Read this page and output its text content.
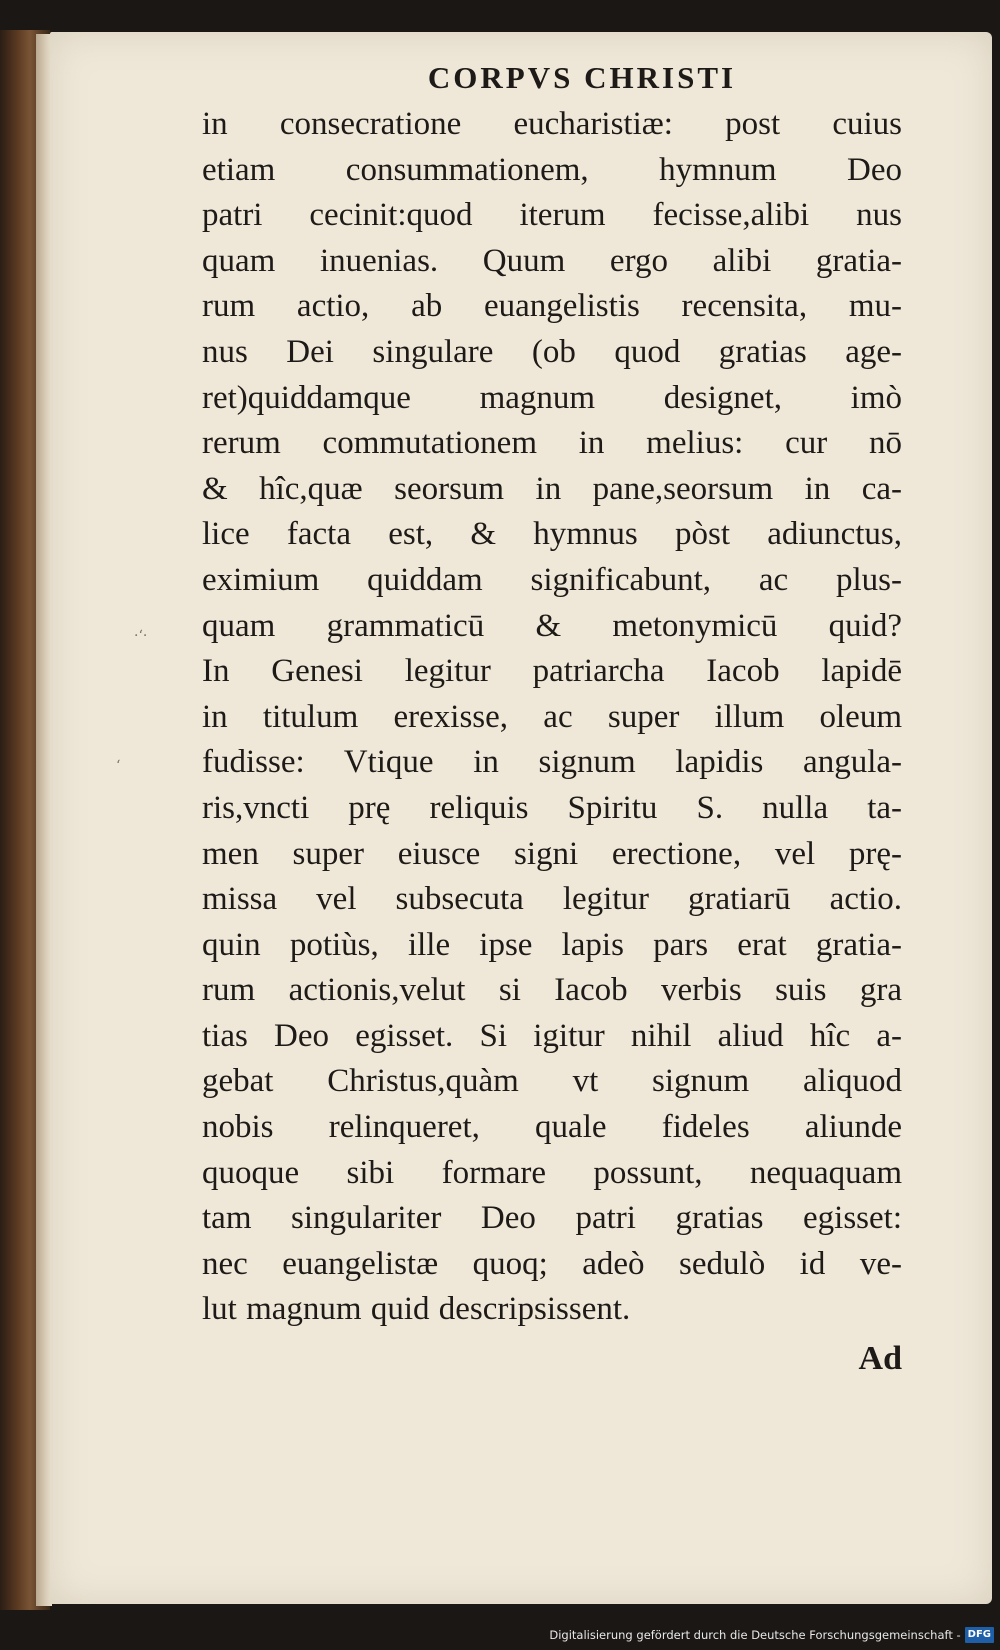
·‘·
‘
CORPVS CHRISTI
in consecratione eucharistiæ: post cuius
etiam consummationem, hymnum Deo
patri cecinit:quod iterum fecisse,alibi nus
quam inuenias. Quum ergo alibi gratia-
rum actio, ab euangelistis recensita, mu-
nus Dei singulare (ob quod gratias age-
ret)quiddamque magnum designet, imò
rerum commutationem in melius: cur nō
& hîc,quæ seorsum in pane,seorsum in ca-
lice facta est, & hymnus pòst adiunctus,
eximium quiddam significabunt, ac plus-
quam grammaticū & metonymicū quid?
In Genesi legitur patriarcha Iacob lapidē
in titulum erexisse, ac super illum oleum
fudisse: Vtique in signum lapidis angula-
ris,vncti prę reliquis Spiritu S. nulla ta-
men super eiusce signi erectione, vel prę-
missa vel subsecuta legitur gratiarū actio.
quin potiùs, ille ipse lapis pars erat gratia-
rum actionis,velut si Iacob verbis suis gra
tias Deo egisset. Si igitur nihil aliud hîc a-
gebat Christus,quàm vt signum aliquod
nobis relinqueret, quale fideles aliunde
quoque sibi formare possunt, nequaquam
tam singulariter Deo patri gratias egisset:
nec euangelistæ quoq; adeò sedulò id ve-
lut magnum quid descripsissent.
Ad
Digitalisierung gefördert durch die Deutsche Forschungsgemeinschaft - DFG
